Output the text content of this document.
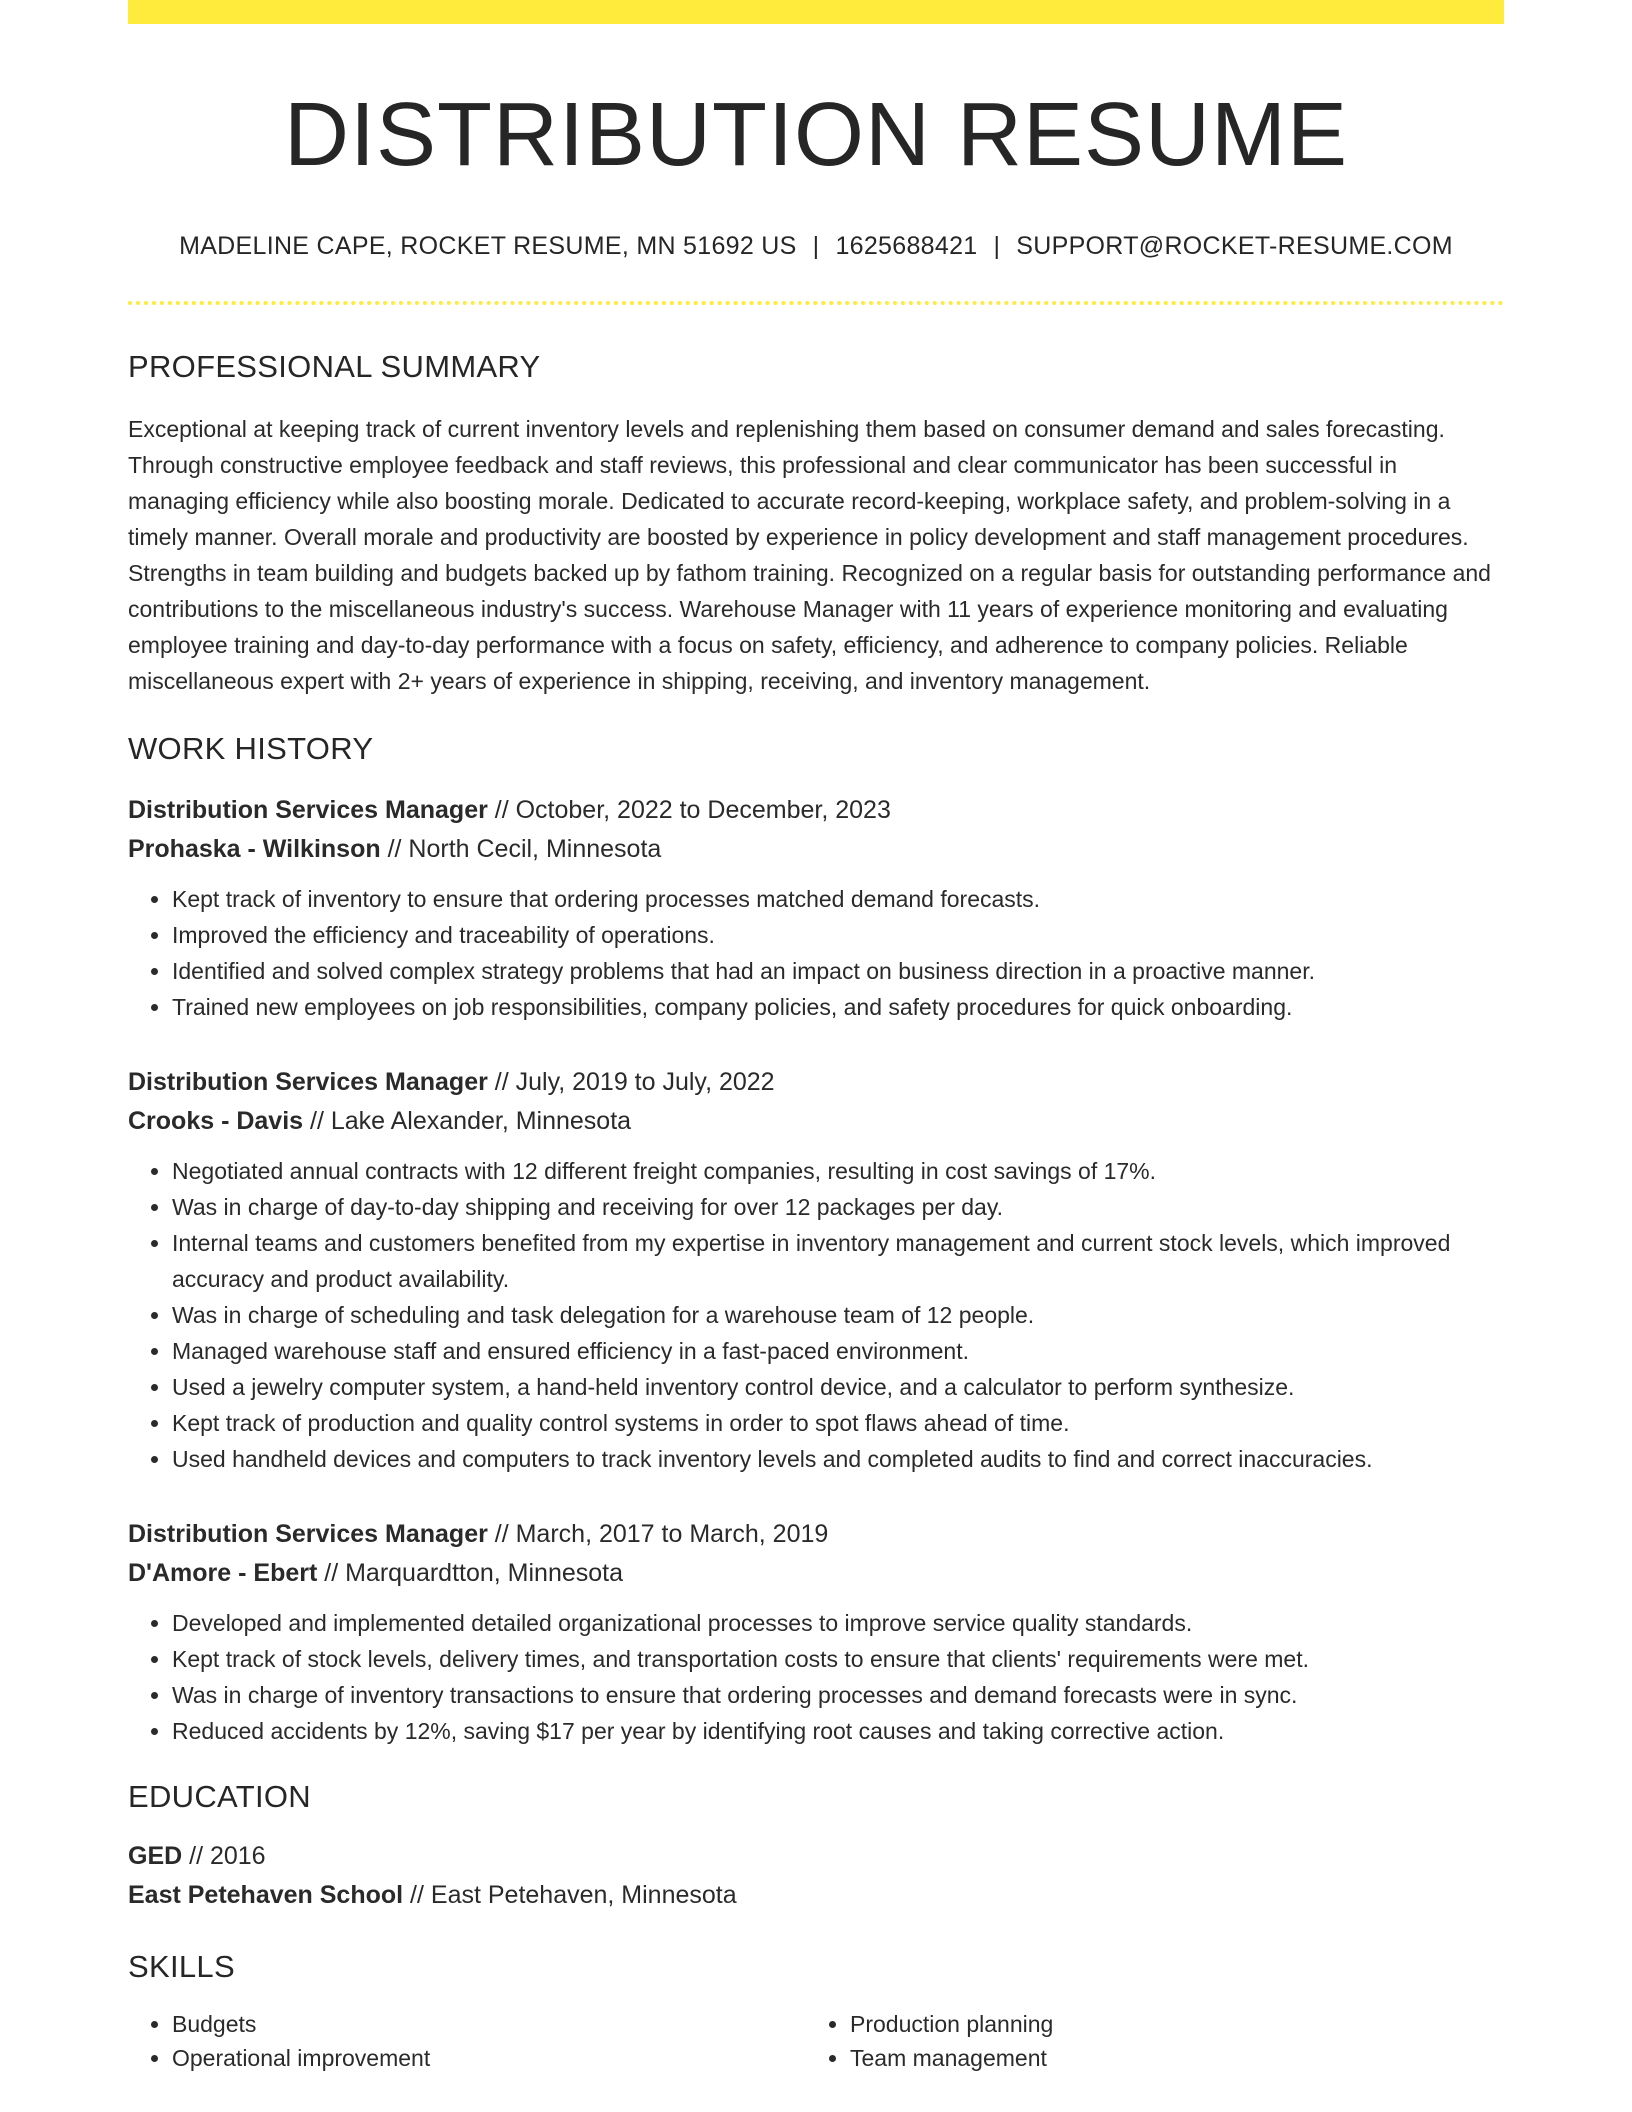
DISTRIBUTION RESUME
MADELINE CAPE, ROCKET RESUME, MN 51692 US | 1625688421 | SUPPORT@ROCKET-RESUME.COM
PROFESSIONAL SUMMARY
Exceptional at keeping track of current inventory levels and replenishing them based on consumer demand and sales forecasting. Through constructive employee feedback and staff reviews, this professional and clear communicator has been successful in managing efficiency while also boosting morale. Dedicated to accurate record-keeping, workplace safety, and problem-solving in a timely manner. Overall morale and productivity are boosted by experience in policy development and staff management procedures. Strengths in team building and budgets backed up by fathom training. Recognized on a regular basis for outstanding performance and contributions to the miscellaneous industry's success. Warehouse Manager with 11 years of experience monitoring and evaluating employee training and day-to-day performance with a focus on safety, efficiency, and adherence to company policies. Reliable miscellaneous expert with 2+ years of experience in shipping, receiving, and inventory management.
WORK HISTORY
Distribution Services Manager // October, 2022 to December, 2023
Prohaska - Wilkinson // North Cecil, Minnesota
• Kept track of inventory to ensure that ordering processes matched demand forecasts.
• Improved the efficiency and traceability of operations.
• Identified and solved complex strategy problems that had an impact on business direction in a proactive manner.
• Trained new employees on job responsibilities, company policies, and safety procedures for quick onboarding.
Distribution Services Manager // July, 2019 to July, 2022
Crooks - Davis // Lake Alexander, Minnesota
• Negotiated annual contracts with 12 different freight companies, resulting in cost savings of 17%.
• Was in charge of day-to-day shipping and receiving for over 12 packages per day.
• Internal teams and customers benefited from my expertise in inventory management and current stock levels, which improved accuracy and product availability.
• Was in charge of scheduling and task delegation for a warehouse team of 12 people.
• Managed warehouse staff and ensured efficiency in a fast-paced environment.
• Used a jewelry computer system, a hand-held inventory control device, and a calculator to perform synthesize.
• Kept track of production and quality control systems in order to spot flaws ahead of time.
• Used handheld devices and computers to track inventory levels and completed audits to find and correct inaccuracies.
Distribution Services Manager // March, 2017 to March, 2019
D'Amore - Ebert // Marquardtton, Minnesota
• Developed and implemented detailed organizational processes to improve service quality standards.
• Kept track of stock levels, delivery times, and transportation costs to ensure that clients' requirements were met.
• Was in charge of inventory transactions to ensure that ordering processes and demand forecasts were in sync.
• Reduced accidents by 12%, saving $17 per year by identifying root causes and taking corrective action.
EDUCATION
GED // 2016
East Petehaven School // East Petehaven, Minnesota
SKILLS
• Budgets
• Operational improvement
• Production planning
• Team management
